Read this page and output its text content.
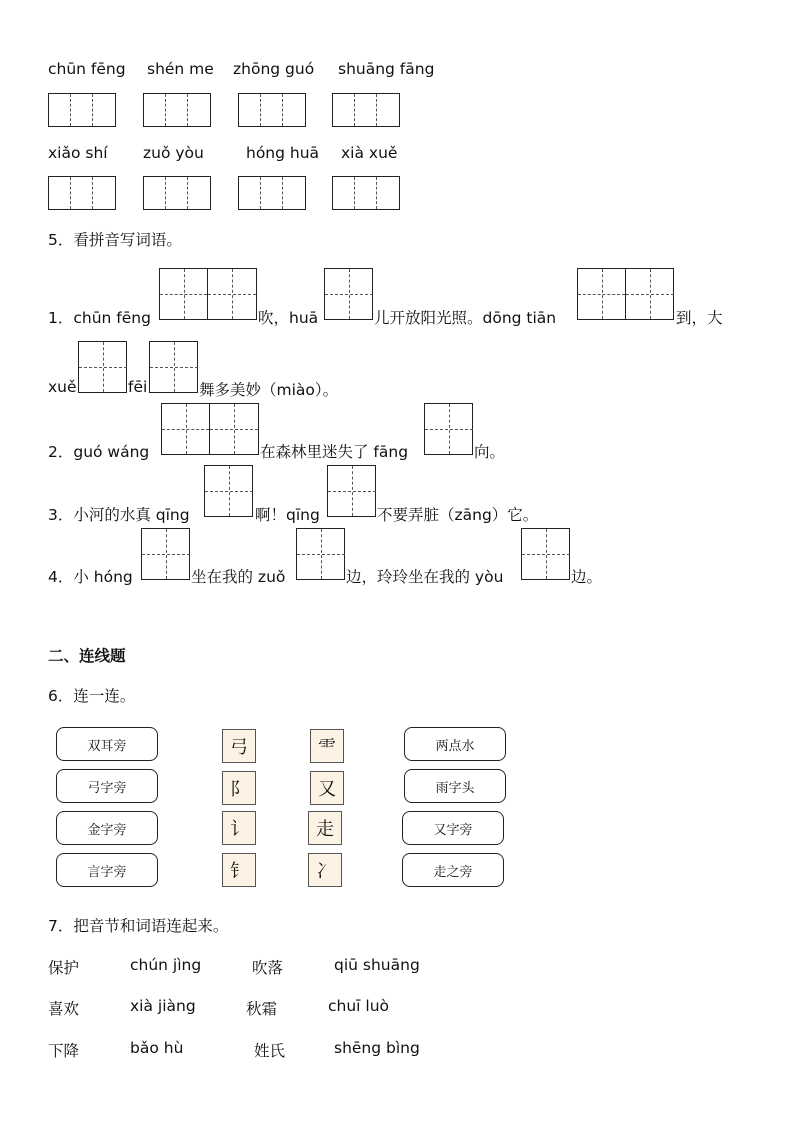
chūn fēng shén me zhōng guó shuāng fāng
xiǎo shí zuǒ yòu	hóng huā xià xuě
5．看拼音写词语。
1．chūn fēng	吹，huā	儿开放阳光照。dōng tiān	到，大
xuě	fēi	舞多美妙（miào）。
2．guó wáng	在森林里迷失了 fāng	向。
3．小河的水真 qīng	啊！qīng	不要弄脏（zāng）它。
4．小 hóng	坐在我的 zuǒ	边，玲玲坐在我的 yòu	边。
二、连线题
6．连一连。
双耳旁
弓字旁
金字旁
言字旁
弓
阝
讠
钅
⻗
又
走
冫
两点水
雨字头
又字旁
走之旁
7．把音节和词语连起来。
保护	chún jìng	吹落	qiū shuāng
喜欢	xià jiàng	秋霜	chuī luò
下降	bǎo hù	姓氏	shēng bìng
